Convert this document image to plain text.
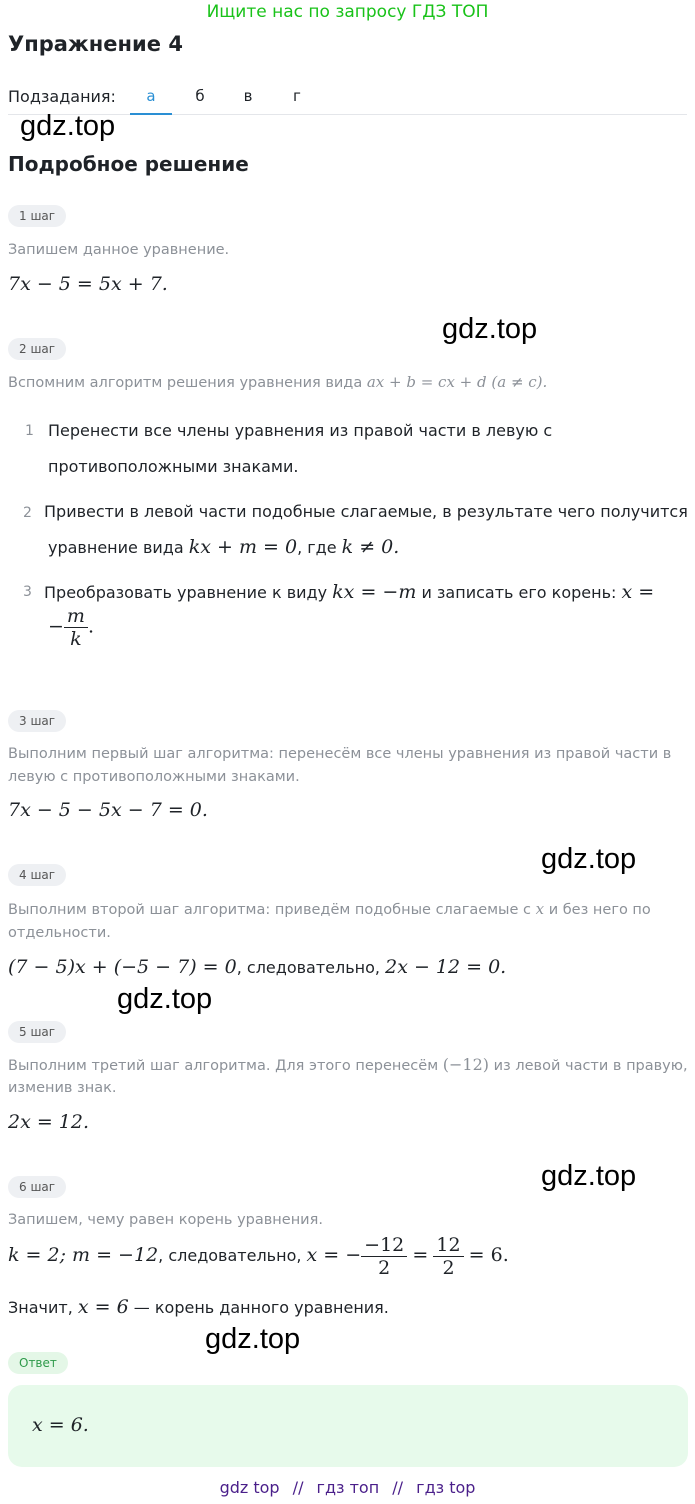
Ищите нас по запросу ГДЗ ТОП
Упражнение 4
Подзадания:	а	б	в	г
gdz.top
Подробное решение
1 шаг
Запишем данное уравнение.
7x − 5 = 5x + 7.
gdz.top
2 шаг
Вспомним алгоритм решения уравнения вида ax + b = cx + d (a ≠ c).
1 Перенести все члены уравнения из правой части в левую с
противоположными знаками.
2 Привести в левой части подобные слагаемые, в результате чего получится
уравнение вида kx + m = 0, где k ≠ 0.
3 Преобразовать уравнение к виду kx = −m и записать его корень: x =
− $\frac{m}{k}$ .
3 шаг
Выполним первый шаг алгоритма: перенесём все члены уравнения из правой части в
левую с противоположными знаками.
7x − 5 − 5x − 7 = 0.
gdz.top
4 шаг
Выполним второй шаг алгоритма: приведём подобные слагаемые с x и без него по
отдельности.
(7 − 5)x + (−5 − 7) = 0, следовательно, 2x − 12 = 0.
gdz.top
5 шаг
Выполним третий шаг алгоритма. Для этого перенесём (−12) из левой части в правую,
изменив знак.
2x = 12.
gdz.top
6 шаг
Запишем, чему равен корень уравнения.
k = 2; m = −12, следовательно, x = − $\frac{-12}{2} = \frac{12}{2} = 6$.
Значит, x = 6 — корень данного уравнения.
gdz.top
Ответ
x = 6.
gdz top // гдз топ // гдз top
